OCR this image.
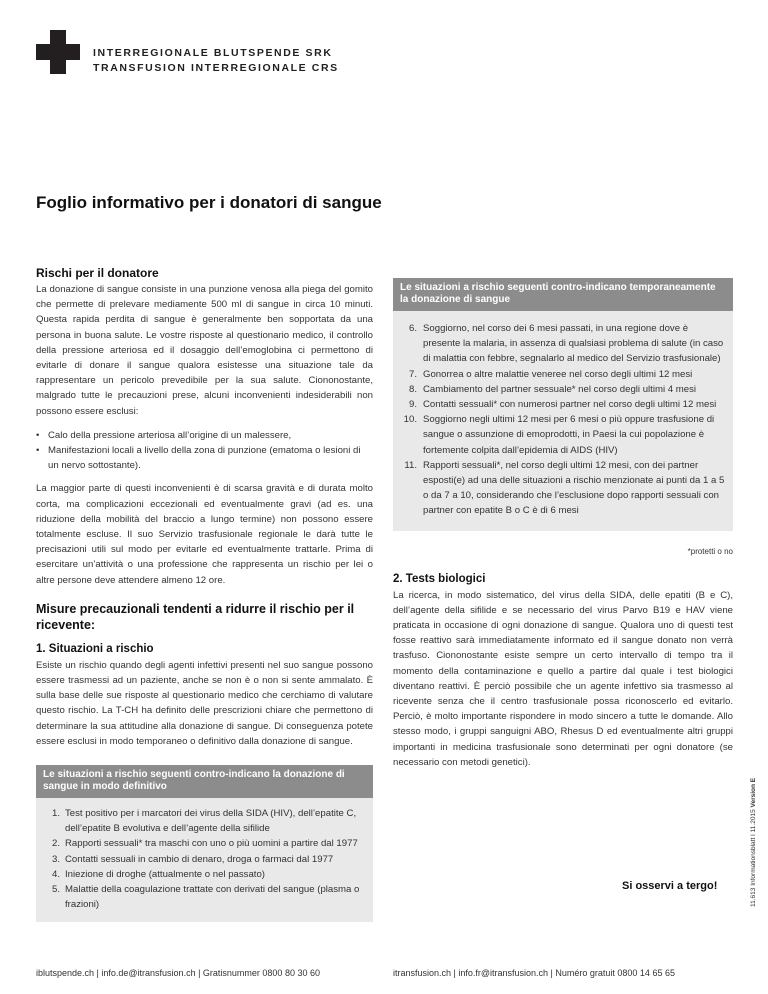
INTERREGIONALE BLUTSPENDE SRK
TRANSFUSION INTERREGIONALE CRS
Foglio informativo per i donatori di sangue
Rischi per il donatore

La donazione di sangue consiste in una punzione venosa alla piega del gomito che permette di prelevare mediamente 500 ml di sangue in circa 10 minuti. Questa rapida perdita di sangue è generalmente ben sopportata da una persona in buona salute. Le vostre risposte al questionario medico, il controllo della pressione arteriosa ed il dosaggio dell’emoglobina ci permettono di evitarle di donare il sangue qualora esistesse una situazione tale da rappresentare un pericolo prevedibile per la sua salute. Ciononostante, malgrado tutte le precauzioni prese, alcuni inconvenienti indesiderabili non possono essere esclusi:

• Calo della pressione arteriosa all’origine di un malessere,
• Manifestazioni locali a livello della zona di punzione (ematoma o lesioni di un nervo sottostante).

La maggior parte di questi inconvenienti è di scarsa gravità e di durata molto corta, ma complicazioni eccezionali ed eventualmente gravi (ad es. una riduzione della mobilità del braccio a lungo termine) non possono essere totalmente escluse. Il suo Servizio trasfusionale regionale le darà tutte le precisazioni utili sul modo per evitarle ed eventualmente trattarle. Prima di esercitare un’attività o una professione che rappresenta un rischio per lei o altre persone deve attendere almeno 12 ore.

Misure precauzionali tendenti a ridurre il rischio per il ricevente:
1. Situazioni a rischio

Esiste un rischio quando degli agenti infettivi presenti nel suo sangue possono essere trasmessi ad un paziente, anche se non è o non si sente ammalato. È sulla base delle sue risposte al questionario medico che cerchiamo di valutare questo rischio. La T-CH ha definito delle prescrizioni chiare che permettono di determinare la sua attitudine alla donazione di sangue. Di conseguenza potete essere esclusi in modo temporaneo o definitivo dalla donazione di sangue.

Le situazioni a rischio seguenti contro-indicano la donazione di sangue in modo definitivo
1. Test positivo per i marcatori dei virus della SIDA (HIV), dell’epatite C, dell’epatite B evolutiva e dell’agente della sifilide
2. Rapporti sessuali* tra maschi con uno o più uomini a partire dal 1977
3. Contatti sessuali in cambio di denaro, droga o farmaci dal 1977
4. Iniezione di droghe (attualmente o nel passato)
5. Malattie della coagulazione trattate con derivati del sangue (plasma o frazioni)
Le situazioni a rischio seguenti contro-indicano temporaneamente la donazione di sangue
6. Soggiorno, nel corso dei 6 mesi passati, in una regione dove è presente la malaria, in assenza di qualsiasi problema di salute (in caso di malattia con febbre, segnalarlo al medico del Servizio trasfusionale)
7. Gonorrea o altre malattie veneree nel corso degli ultimi 12 mesi
8. Cambiamento del partner sessuale* nel corso degli ultimi 4 mesi
9. Contatti sessuali* con numerosi partner nel corso degli ultimi 12 mesi
10. Soggiorno negli ultimi 12 mesi per 6 mesi o più oppure trasfusione di sangue o assunzione di emoprodotti, in Paesi la cui popolazione è fortemente colpita dall’epidemia di AIDS (HIV)
11. Rapporti sessuali*, nel corso degli ultimi 12 mesi, con dei partner esposti(e) ad una delle situazioni a rischio menzionate ai punti da 1 a 5 o da 7 a 10, considerando che l’esclusione dopo rapporti sessuali con partner con epatite B o C è di 6 mesi
*protetti o no
2. Tests biologici

La ricerca, in modo sistematico, del virus della SIDA, delle epatiti (B e C), dell’agente della sifilide e se necessario del virus Parvo B19 e HAV viene praticata in occasione di ogni donazione di sangue. Qualora uno di questi test fosse reattivo sarà immediatamente informato ed il sangue donato non verrà trasfuso. Ciononostante esiste sempre un certo intervallo di tempo tra il momento della contaminazione e quello a partire dal quale i test biologici diventano reattivi. È perciò possibile che un agente infettivo sia trasmesso al ricevente senza che il centro trasfusionale possa riconoscerlo ed evitarlo. Perciò, è molto importante rispondere in modo sincero a tutte le domande. Allo stesso modo, i gruppi sanguigni ABO, Rhesus D ed eventualmente altri gruppi importanti in medicina trasfusionale sono determinati per ogni donatore (se necessario con metodi genetici).

Si osservi a tergo!	11.613 Informationsblatt I 11.2015 Version E
iblutspende.ch | info.de@itransfusion.ch | Gratisnummer 0800 80 30 60	itransfusion.ch | info.fr@itransfusion.ch | Numéro gratuit 0800 14 65 65
